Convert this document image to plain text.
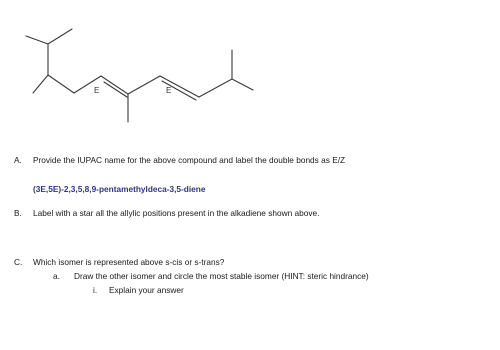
E	E
A. Provide the IUPAC name for the above compound and label the double bonds as E/Z
(3E,5E)-2,3,5,8,9-pentamethyldeca-3,5-diene
B. Label with a star all the allylic positions present in the alkadiene shown above.
C. Which isomer is represented above s-cis or s-trans?
a. Draw the other isomer and circle the most stable isomer (HINT: steric hindrance)
i. Explain your answer
